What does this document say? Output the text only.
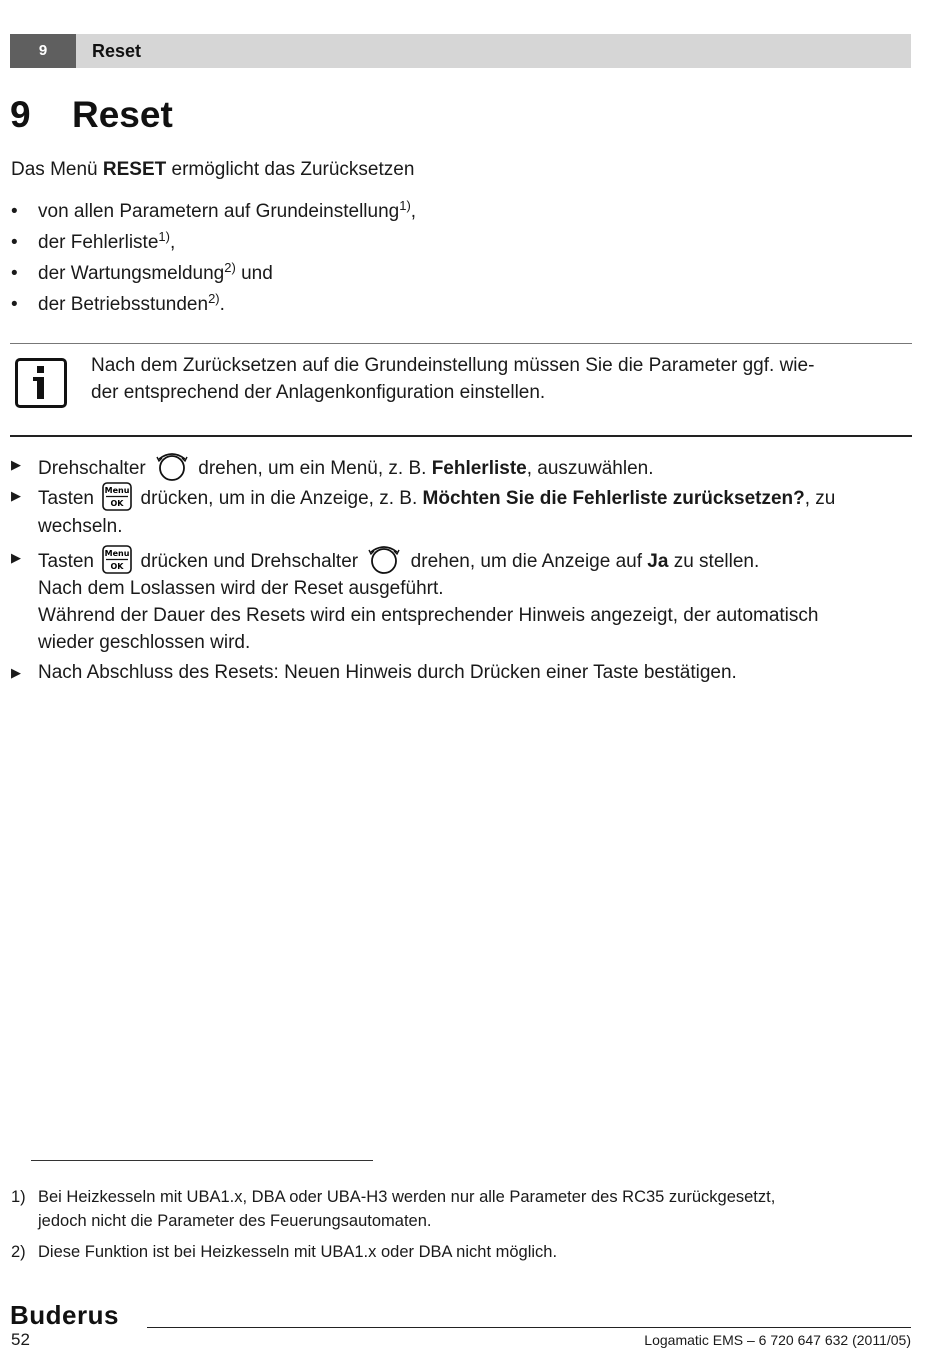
9	Reset
9 Reset
Das Menü RESET ermöglicht das Zurücksetzen
• von allen Parametern auf Grundeinstellung$^{1)}$,
• der Fehlerliste$^{1)}$,
• der Wartungsmeldung$^{2)}$ und
• der Betriebsstunden$^{2)}$.
Nach dem Zurücksetzen auf die Grundeinstellung müssen Sie die Parameter ggf. wie-
der entsprechend der Anlagenkonfiguration einstellen.
▶ Drehschalter  drehen, um ein Menü, z. B. Fehlerliste, auszuwählen.
▶ Tasten Menu
OK drücken, um in die Anzeige, z. B. Möchten Sie die Fehlerliste zurücksetzen?, zu
wechseln.
▶ Tasten Menu
OK drücken und Drehschalter  drehen, um die Anzeige auf Ja zu stellen.
Nach dem Loslassen wird der Reset ausgeführt.
Während der Dauer des Resets wird ein entsprechender Hinweis angezeigt, der automatisch
wieder geschlossen wird.
▶ Nach Abschluss des Resets: Neuen Hinweis durch Drücken einer Taste bestätigen.
1) Bei Heizkesseln mit UBA1.x, DBA oder UBA-H3 werden nur alle Parameter des RC35 zurückgesetzt,
jedoch nicht die Parameter des Feuerungsautomaten.
2) Diese Funktion ist bei Heizkesseln mit UBA1.x oder DBA nicht möglich.
Buderus
52	Logamatic EMS – 6 720 647 632 (2011/05)
